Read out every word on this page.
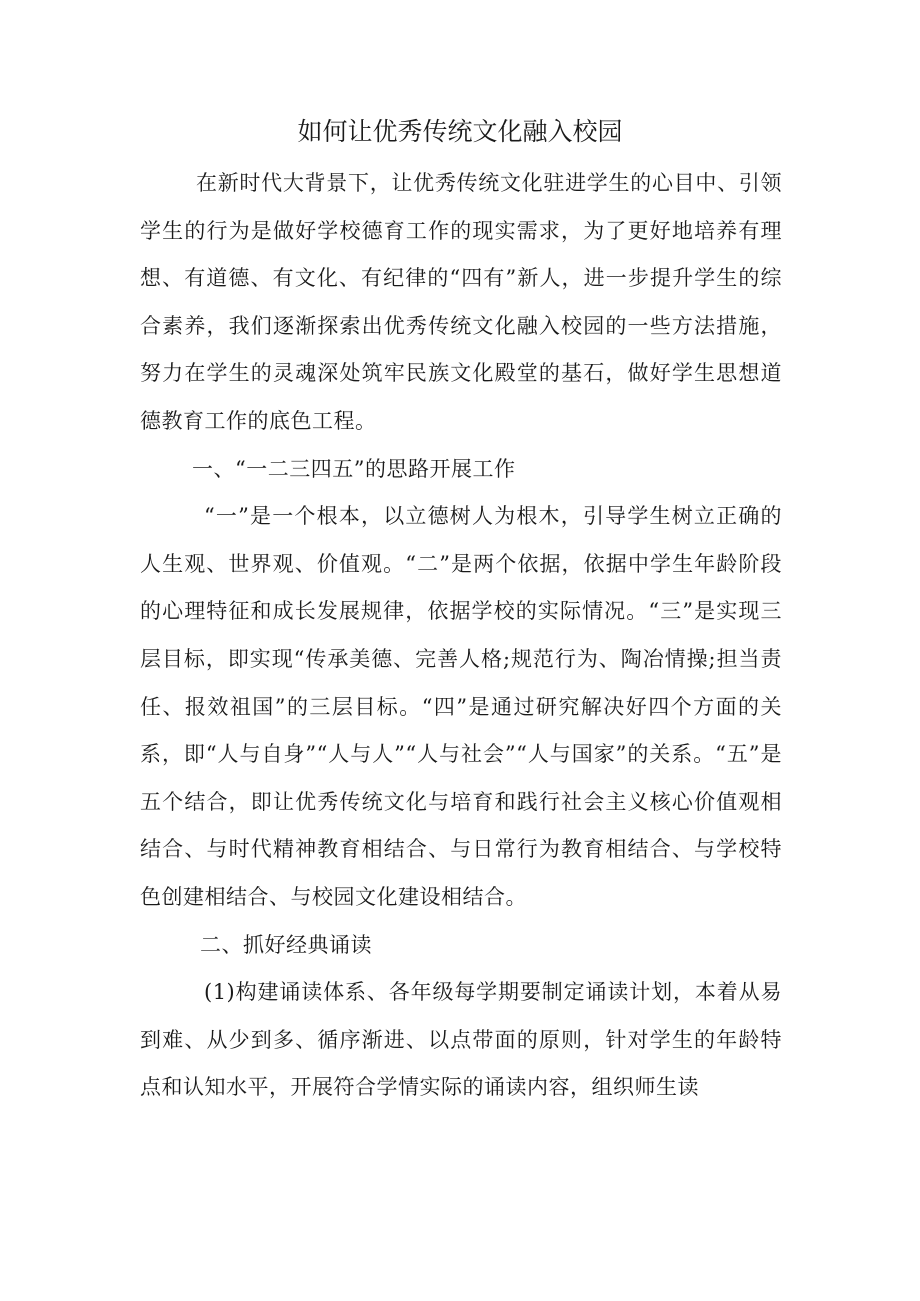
如何让优秀传统文化融入校园

在新时代大背景下，让优秀传统文化驻进学生的心目中、引领学生的行为是做好学校德育工作的现实需求，为了更好地培养有理想、有道德、有文化、有纪律的“四有”新人，进一步提升学生的综合素养，我们逐渐探索出优秀传统文化融入校园的一些方法措施，努力在学生的灵魂深处筑牢民族文化殿堂的基石，做好学生思想道德教育工作的底色工程。

一、“一二三四五”的思路开展工作

“一”是一个根本，以立德树人为根木，引导学生树立正确的人生观、世界观、价值观。“二”是两个依据，依据中学生年龄阶段的心理特征和成长发展规律，依据学校的实际情况。“三”是实现三层目标，即实现“传承美德、完善人格;规范行为、陶冶情操;担当责任、报效祖国”的三层目标。“四”是通过研究解决好四个方面的关系，即“人与自身”“人与人”“人与社会”“人与国家”的关系。“五”是五个结合，即让优秀传统文化与培育和践行社会主义核心价值观相结合、与时代精神教育相结合、与日常行为教育相结合、与学校特色创建相结合、与校园文化建设相结合。

二、抓好经典诵读

(1)构建诵读体系、各年级每学期要制定诵读计划，本着从易到难、从少到多、循序渐进、以点带面的原则，针对学生的年龄特点和认知水平，开展符合学情实际的诵读内容，组织师生读
